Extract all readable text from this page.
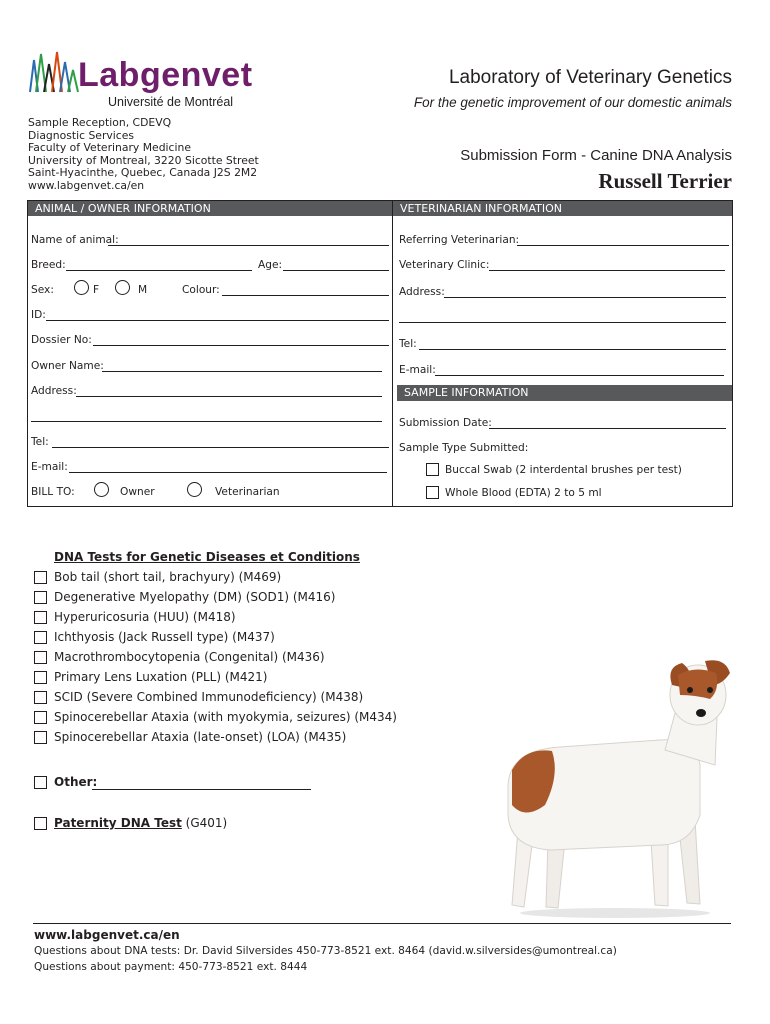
Labgenvet
Université de Montréal
Laboratory of Veterinary Genetics
For the genetic improvement of our domestic animals
Sample Reception, CDEVQ
Diagnostic Services
Faculty of Veterinary Medicine
University of Montreal, 3220 Sicotte Street
Saint-Hyacinthe, Quebec, Canada J2S 2M2
www.labgenvet.ca/en
Submission Form - Canine DNA Analysis
Russell Terrier
ANIMAL / OWNER INFORMATION	VETERINARIAN INFORMATION
Name of animal:
Breed:	Age:
Sex:	F	M	Colour:
ID:
Dossier No:
Owner Name:
Address:
Tel:
E-mail:
BILL TO:	Owner	Veterinarian
Referring Veterinarian:
Veterinary Clinic:
Address:
Tel:
E-mail:
SAMPLE INFORMATION
Submission Date:
Sample Type Submitted:
Buccal Swab (2 interdental brushes per test)
Whole Blood (EDTA) 2 to 5 ml
DNA Tests for Genetic Diseases et Conditions
Bob tail (short tail, brachyury) (M469)
Degenerative Myelopathy (DM) (SOD1) (M416)
Hyperuricosuria (HUU) (M418)
Ichthyosis (Jack Russell type) (M437)
Macrothrombocytopenia (Congenital) (M436)
Primary Lens Luxation (PLL) (M421)
SCID (Severe Combined Immunodeficiency) (M438)
Spinocerebellar Ataxia (with myokymia, seizures) (M434)
Spinocerebellar Ataxia (late-onset) (LOA) (M435)
Other:
Paternity DNA Test (G401)
www.labgenvet.ca/en
Questions about DNA tests: Dr. David Silversides 450-773-8521 ext. 8464 (david.w.silversides@umontreal.ca)
Questions about payment: 450-773-8521 ext. 8444
